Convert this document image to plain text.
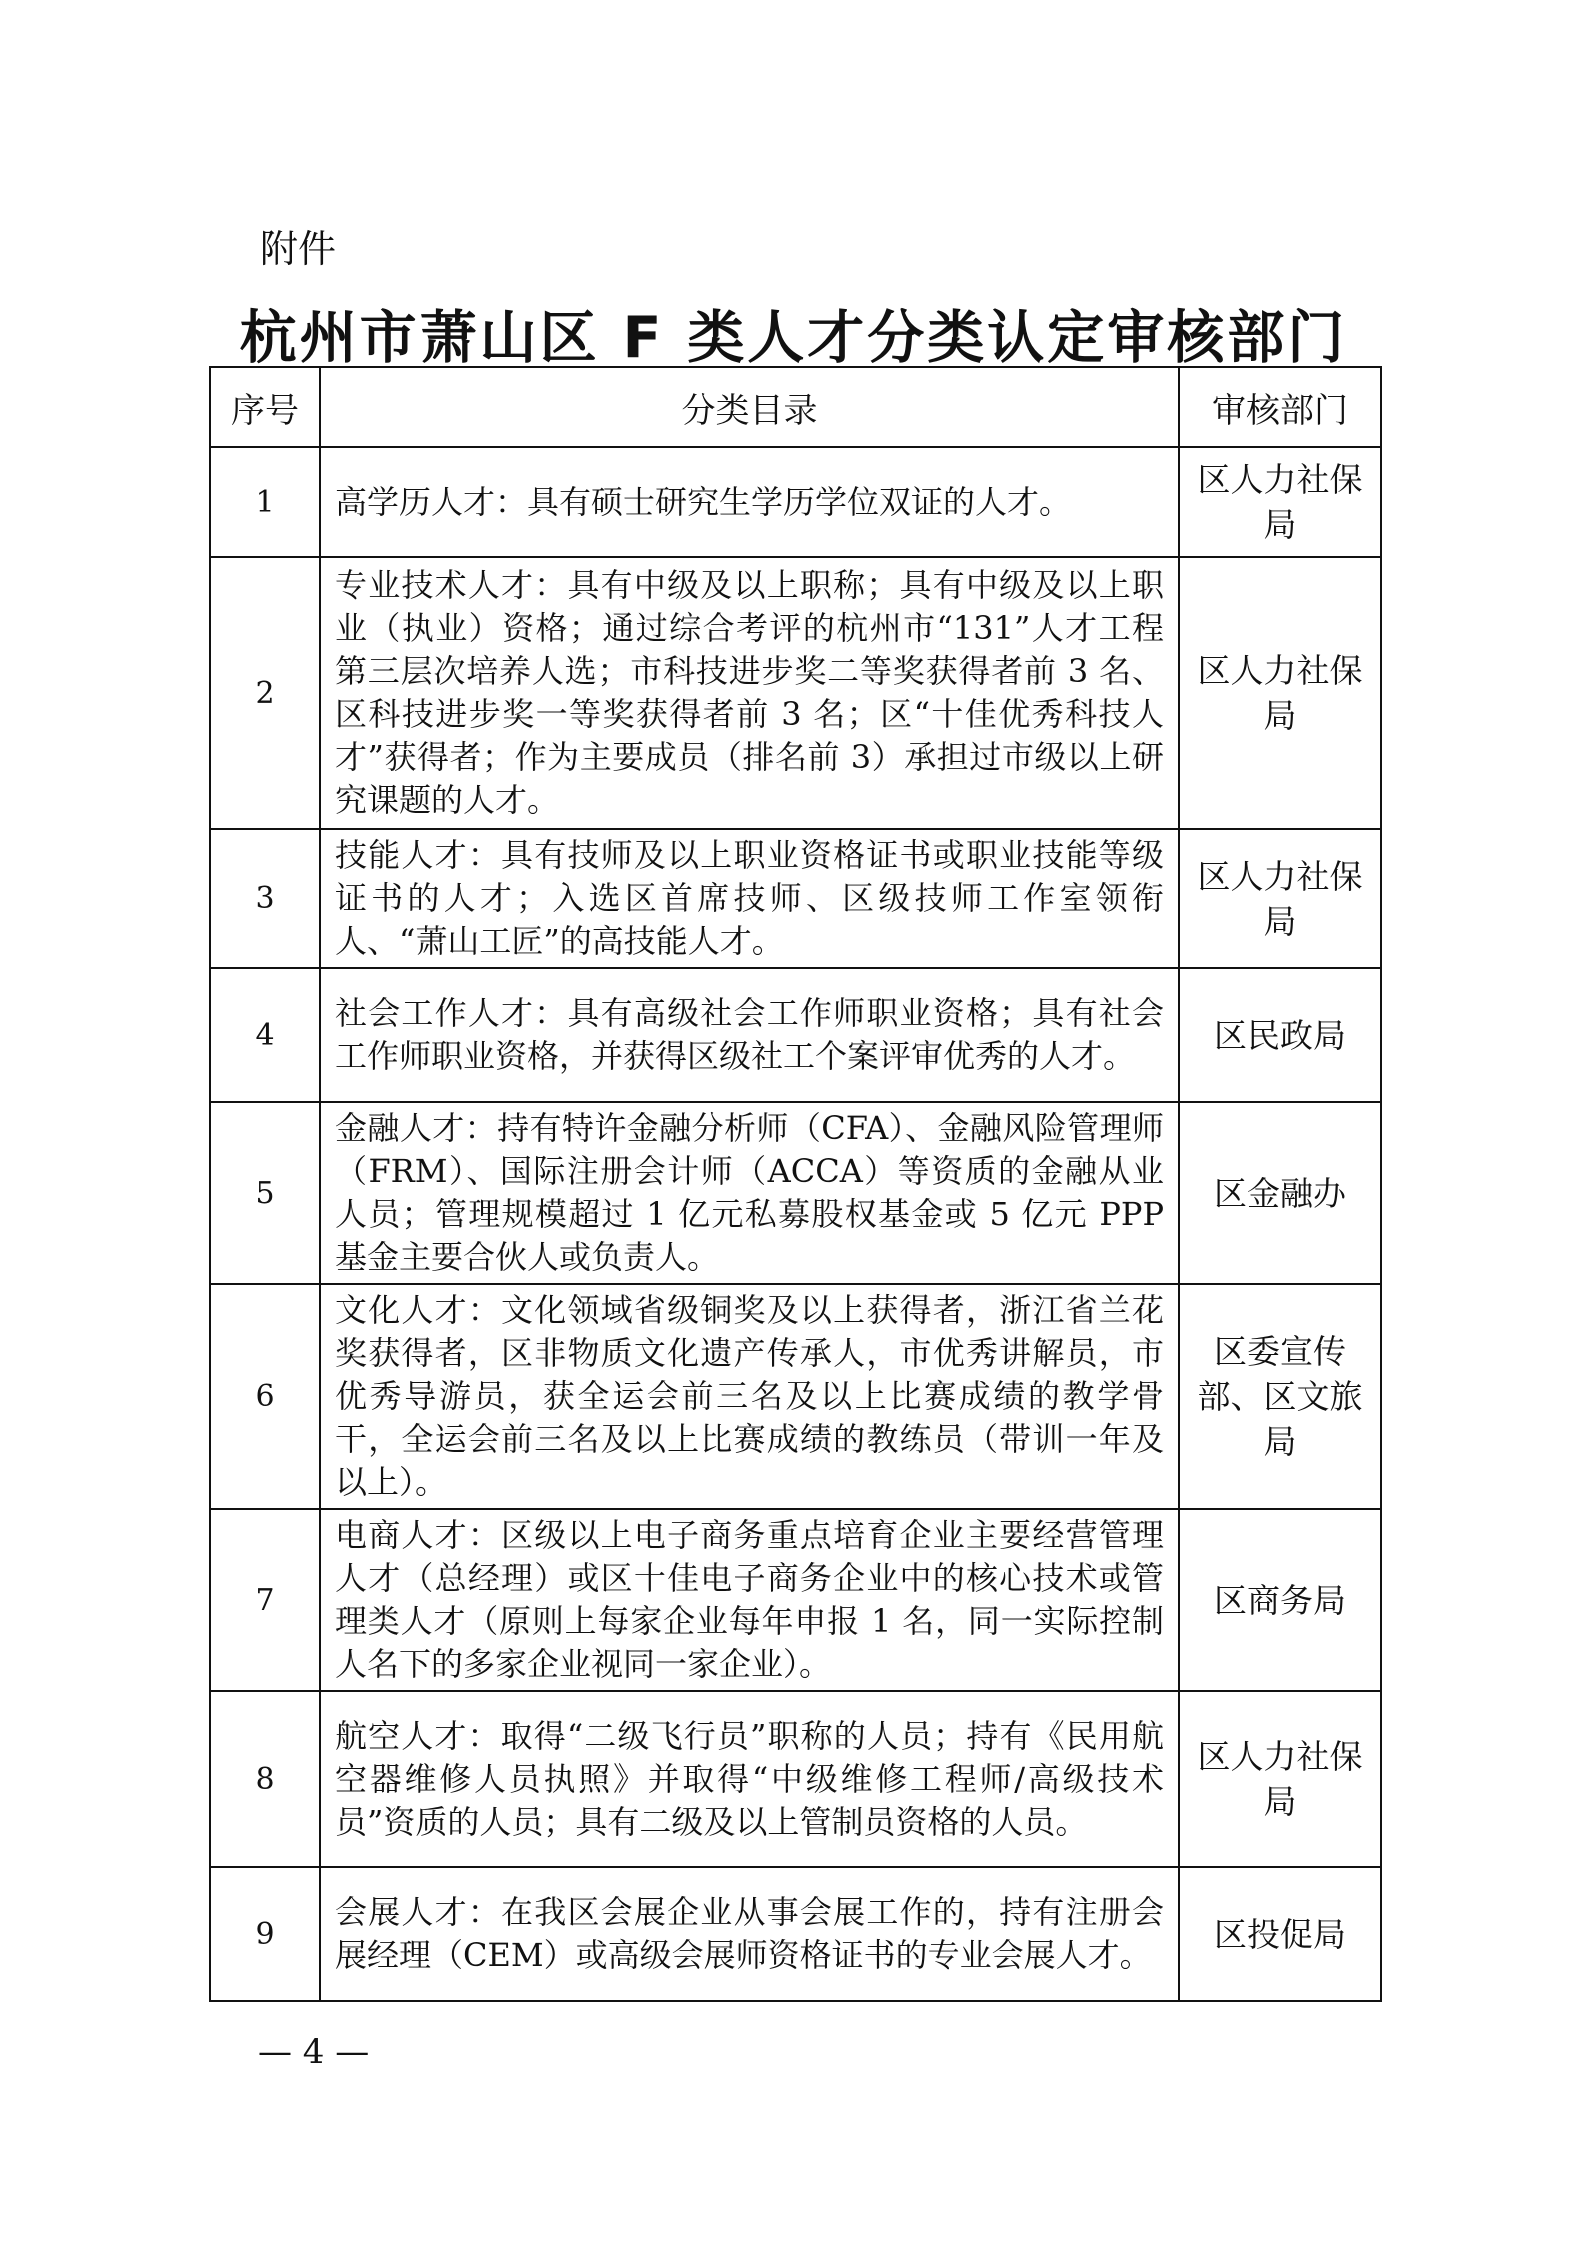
附件
杭州市萧山区 F 类人才分类认定审核部门
序号	分类目录	审核部门
1	高学历人才：具有硕士研究生学历学位双证的人才。	区人力社保局
2	专业技术人才：具有中级及以上职称；具有中级及以上职业（执业）资格；通过综合考评的杭州市“131”人才工程第三层次培养人选；市科技进步奖二等奖获得者前 3 名、区科技进步奖一等奖获得者前 3 名；区“十佳优秀科技人才”获得者；作为主要成员（排名前 3）承担过市级以上研究课题的人才。	区人力社保局
3	技能人才：具有技师及以上职业资格证书或职业技能等级证书的人才；入选区首席技师、区级技师工作室领衔人、“萧山工匠”的高技能人才。	区人力社保局
4	社会工作人才：具有高级社会工作师职业资格；具有社会工作师职业资格，并获得区级社工个案评审优秀的人才。	区民政局
5	金融人才：持有特许金融分析师（CFA）、金融风险管理师（FRM）、国际注册会计师（ACCA）等资质的金融从业人员；管理规模超过 1 亿元私募股权基金或 5 亿元 PPP 基金主要合伙人或负责人。	区金融办
6	文化人才：文化领域省级铜奖及以上获得者，浙江省兰花奖获得者，区非物质文化遗产传承人，市优秀讲解员，市优秀导游员，获全运会前三名及以上比赛成绩的教学骨干，全运会前三名及以上比赛成绩的教练员（带训一年及以上）。	区委宣传部、区文旅局
7	电商人才：区级以上电子商务重点培育企业主要经营管理人才（总经理）或区十佳电子商务企业中的核心技术或管理类人才（原则上每家企业每年申报 1 名，同一实际控制人名下的多家企业视同一家企业）。	区商务局
8	航空人才：取得“二级飞行员”职称的人员；持有《民用航空器维修人员执照》并取得“中级维修工程师/高级技术员”资质的人员；具有二级及以上管制员资格的人员。	区人力社保局
9	会展人才：在我区会展企业从事会展工作的，持有注册会展经理（CEM）或高级会展师资格证书的专业会展人才。	区投促局
— 4 —
